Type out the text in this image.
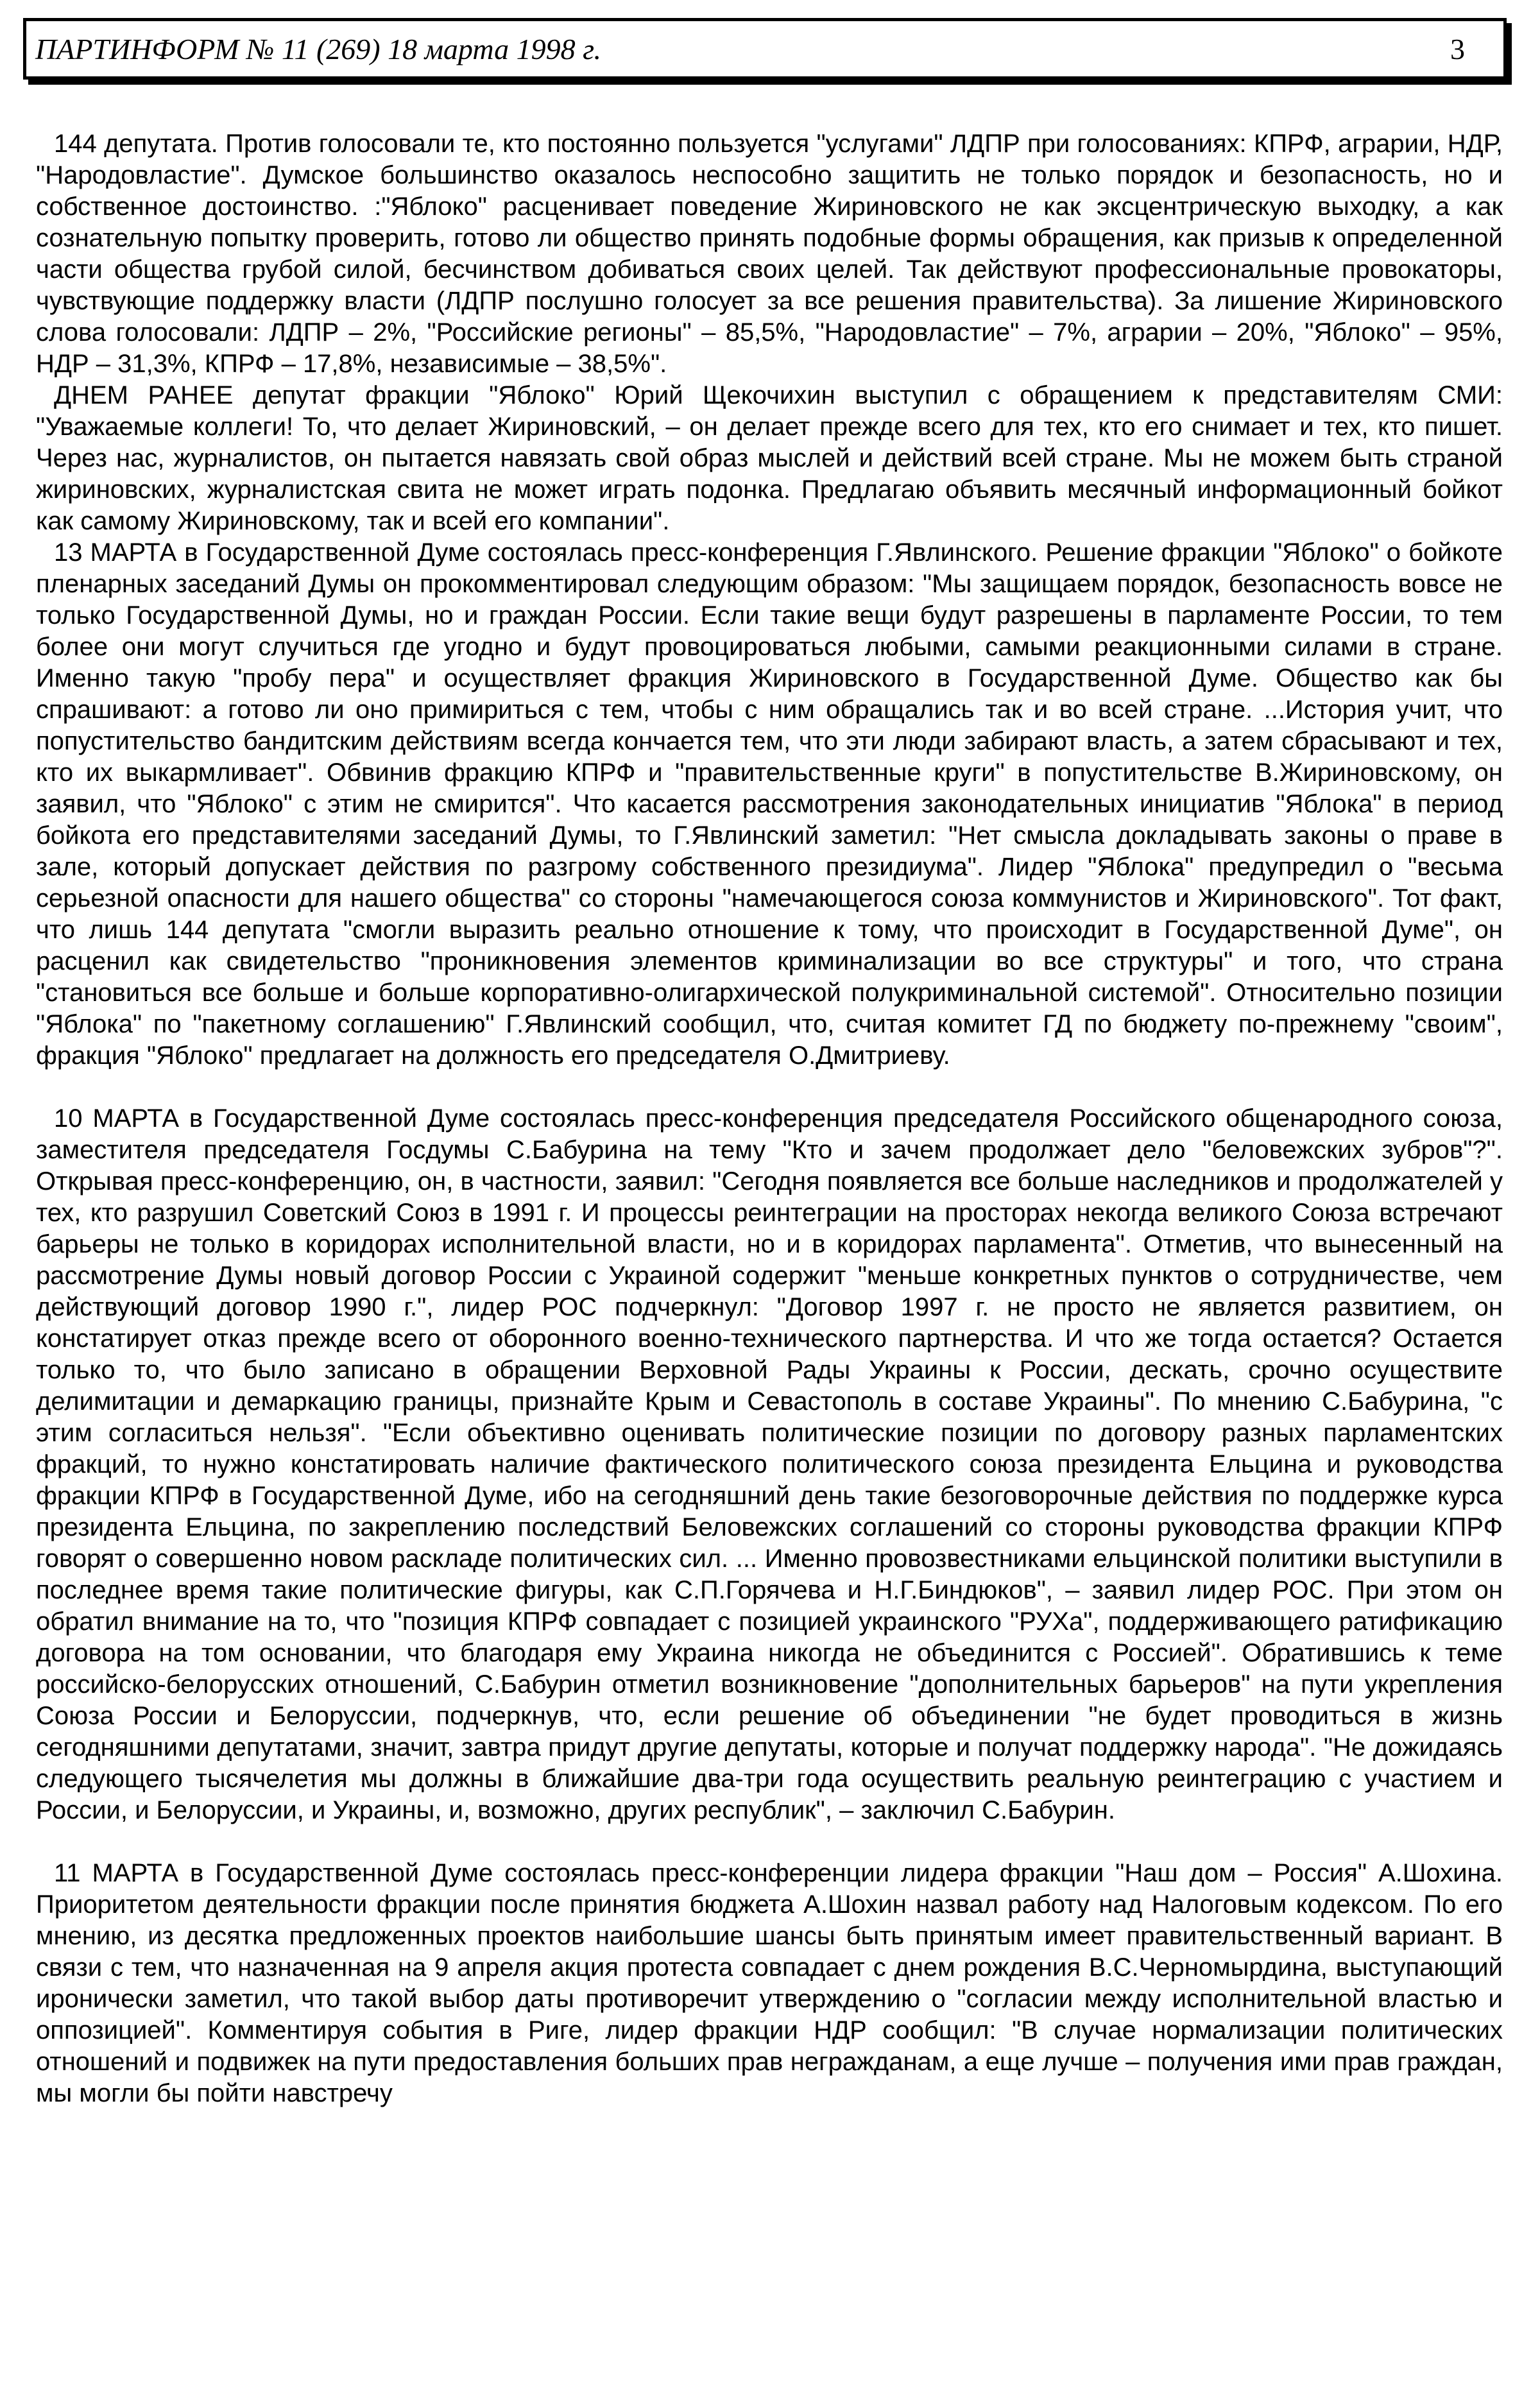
ПАРТИНФОРМ № 11 (269) 18 марта 1998 г.	3

144 депутата. Против голосовали те, кто постоянно пользуется "услугами" ЛДПР при голосованиях: КПРФ, аграрии, НДР, "Народовластие". Думское большинство оказалось неспособно защитить не только порядок и безопасность, но и собственное достоинство. :"Яблоко" расценивает поведение Жириновского не как эксцентрическую выходку, а как сознательную попытку проверить, готово ли общество принять подобные формы обращения, как призыв к определенной части общества грубой силой, бесчинством добиваться своих целей. Так действуют профессиональные провокаторы, чувствующие поддержку власти (ЛДПР послушно голосует за все решения правительства). За лишение Жириновского слова голосовали: ЛДПР – 2%, "Российские регионы" – 85,5%, "Народовластие" – 7%, аграрии – 20%, "Яблоко" – 95%, НДР – 31,3%, КПРФ – 17,8%, независимые – 38,5%".

ДНЕМ РАНЕЕ депутат фракции "Яблоко" Юрий Щекочихин выступил с обращением к представителям СМИ: "Уважаемые коллеги! То, что делает Жириновский, – он делает прежде всего для тех, кто его снимает и тех, кто пишет. Через нас, журналистов, он пытается навязать свой образ мыслей и действий всей стране. Мы не можем быть страной жириновских, журналистская свита не может играть подонка. Предлагаю объявить месячный информационный бойкот как самому Жириновскому, так и всей его компании".

13 МАРТА в Государственной Думе состоялась пресс-конференция Г.Явлинского. Решение фракции "Яблоко" о бойкоте пленарных заседаний Думы он прокомментировал следующим образом: "Мы защищаем порядок, безопасность вовсе не только Государственной Думы, но и граждан России. Если такие вещи будут разрешены в парламенте России, то тем более они могут случиться где угодно и будут провоцироваться любыми, самыми реакционными силами в стране. Именно такую "пробу пера" и осуществляет фракция Жириновского в Государственной Думе. Общество как бы спрашивают: а готово ли оно примириться с тем, чтобы с ним обращались так и во всей стране. ...История учит, что попустительство бандитским действиям всегда кончается тем, что эти люди забирают власть, а затем сбрасывают и тех, кто их выкармливает". Обвинив фракцию КПРФ и "правительственные круги" в попустительстве В.Жириновскому, он заявил, что "Яблоко" с этим не смирится". Что касается рассмотрения законодательных инициатив "Яблока" в период бойкота его представителями заседаний Думы, то Г.Явлинский заметил: "Нет смысла докладывать законы о праве в зале, который допускает действия по разгрому собственного президиума". Лидер "Яблока" предупредил о "весьма серьезной опасности для нашего общества" со стороны "намечающегося союза коммунистов и Жириновского". Тот факт, что лишь 144 депутата "смогли выразить реально отношение к тому, что происходит в Государственной Думе", он расценил как свидетельство "проникновения элементов криминализации во все структуры" и того, что страна "становиться все больше и больше корпоративно-олигархической полукриминальной системой". Относительно позиции "Яблока" по "пакетному соглашению" Г.Явлинский сообщил, что, считая комитет ГД по бюджету по-прежнему "своим", фракция "Яблоко" предлагает на должность его председателя О.Дмитриеву.

10 МАРТА в Государственной Думе состоялась пресс-конференция председателя Российского общенародного союза, заместителя председателя Госдумы С.Бабурина на тему "Кто и зачем продолжает дело "беловежских зубров"?". Открывая пресс-конференцию, он, в частности, заявил: "Сегодня появляется все больше наследников и продолжателей у тех, кто разрушил Советский Союз в 1991 г. И процессы реинтеграции на просторах некогда великого Союза встречают барьеры не только в коридорах исполнительной власти, но и в коридорах парламента". Отметив, что вынесенный на рассмотрение Думы новый договор России с Украиной содержит "меньше конкретных пунктов о сотрудничестве, чем действующий договор 1990 г.", лидер РОС подчеркнул: "Договор 1997 г. не просто не является развитием, он констатирует отказ прежде всего от оборонного военно-технического партнерства. И что же тогда остается? Остается только то, что было записано в обращении Верховной Рады Украины к России, дескать, срочно осуществите делимитации и демаркацию границы, признайте Крым и Севастополь в составе Украины". По мнению С.Бабурина, "с этим согласиться нельзя". "Если объективно оценивать политические позиции по договору разных парламентских фракций, то нужно констатировать наличие фактического политического союза президента Ельцина и руководства фракции КПРФ в Государственной Думе, ибо на сегодняшний день такие безоговорочные действия по поддержке курса президента Ельцина, по закреплению последствий Беловежских соглашений со стороны руководства фракции КПРФ говорят о совершенно новом раскладе политических сил. ... Именно провозвестниками ельцинской политики выступили в последнее время такие политические фигуры, как С.П.Горячева и Н.Г.Биндюков", – заявил лидер РОС. При этом он обратил внимание на то, что "позиция КПРФ совпадает с позицией украинского "РУХа", поддерживающего ратификацию договора на том основании, что благодаря ему Украина никогда не объединится с Россией". Обратившись к теме российско-белорусских отношений, С.Бабурин отметил возникновение "дополнительных барьеров" на пути укрепления Союза России и Белоруссии, подчеркнув, что, если решение об объединении "не будет проводиться в жизнь сегодняшними депутатами, значит, завтра придут другие депутаты, которые и получат поддержку народа". "Не дожидаясь следующего тысячелетия мы должны в ближайшие два-три года осуществить реальную реинтеграцию с участием и России, и Белоруссии, и Украины, и, возможно, других республик", – заключил С.Бабурин.

11 МАРТА в Государственной Думе состоялась пресс-конференции лидера фракции "Наш дом – Россия" А.Шохина. Приоритетом деятельности фракции после принятия бюджета А.Шохин назвал работу над Налоговым кодексом. По его мнению, из десятка предложенных проектов наибольшие шансы быть принятым имеет правительственный вариант. В связи с тем, что назначенная на 9 апреля акция протеста совпадает с днем рождения В.С.Черномырдина, выступающий иронически заметил, что такой выбор даты противоречит утверждению о "согласии между исполнительной властью и оппозицией". Комментируя события в Риге, лидер фракции НДР сообщил: "В случае нормализации политических отношений и подвижек на пути предоставления больших прав негражданам, а еще лучше – получения ими прав граждан, мы могли бы пойти навстречу
